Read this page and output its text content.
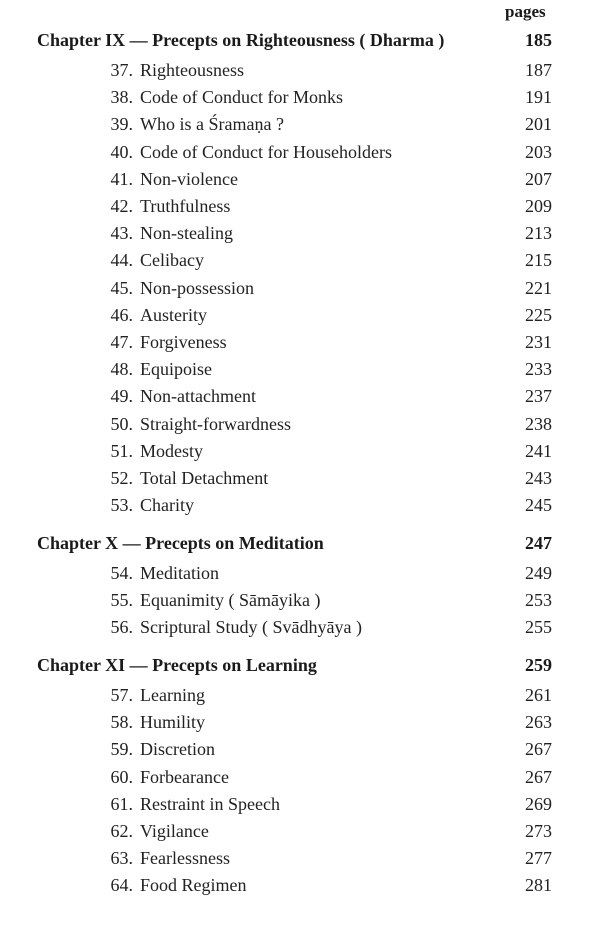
pages
Chapter IX — Precepts on Righteousness ( Dharma )	185
37. Righteousness	187
38. Code of Conduct for Monks	191
39. Who is a Śramaṇa ?	201
40. Code of Conduct for Householders	203
41. Non-violence	207
42. Truthfulness	209
43. Non-stealing	213
44. Celibacy	215
45. Non-possession	221
46. Austerity	225
47. Forgiveness	231
48. Equipoise	233
49. Non-attachment	237
50. Straight-forwardness	238
51. Modesty	241
52. Total Detachment	243
53. Charity	245
Chapter X — Precepts on Meditation	247
54. Meditation	249
55. Equanimity ( Sāmāyika )	253
56. Scriptural Study ( Svādhyāya )	255
Chapter XI — Precepts on Learning	259
57. Learning	261
58. Humility	263
59. Discretion	267
60. Forbearance	267
61. Restraint in Speech	269
62. Vigilance	273
63. Fearlessness	277
64. Food Regimen	281
